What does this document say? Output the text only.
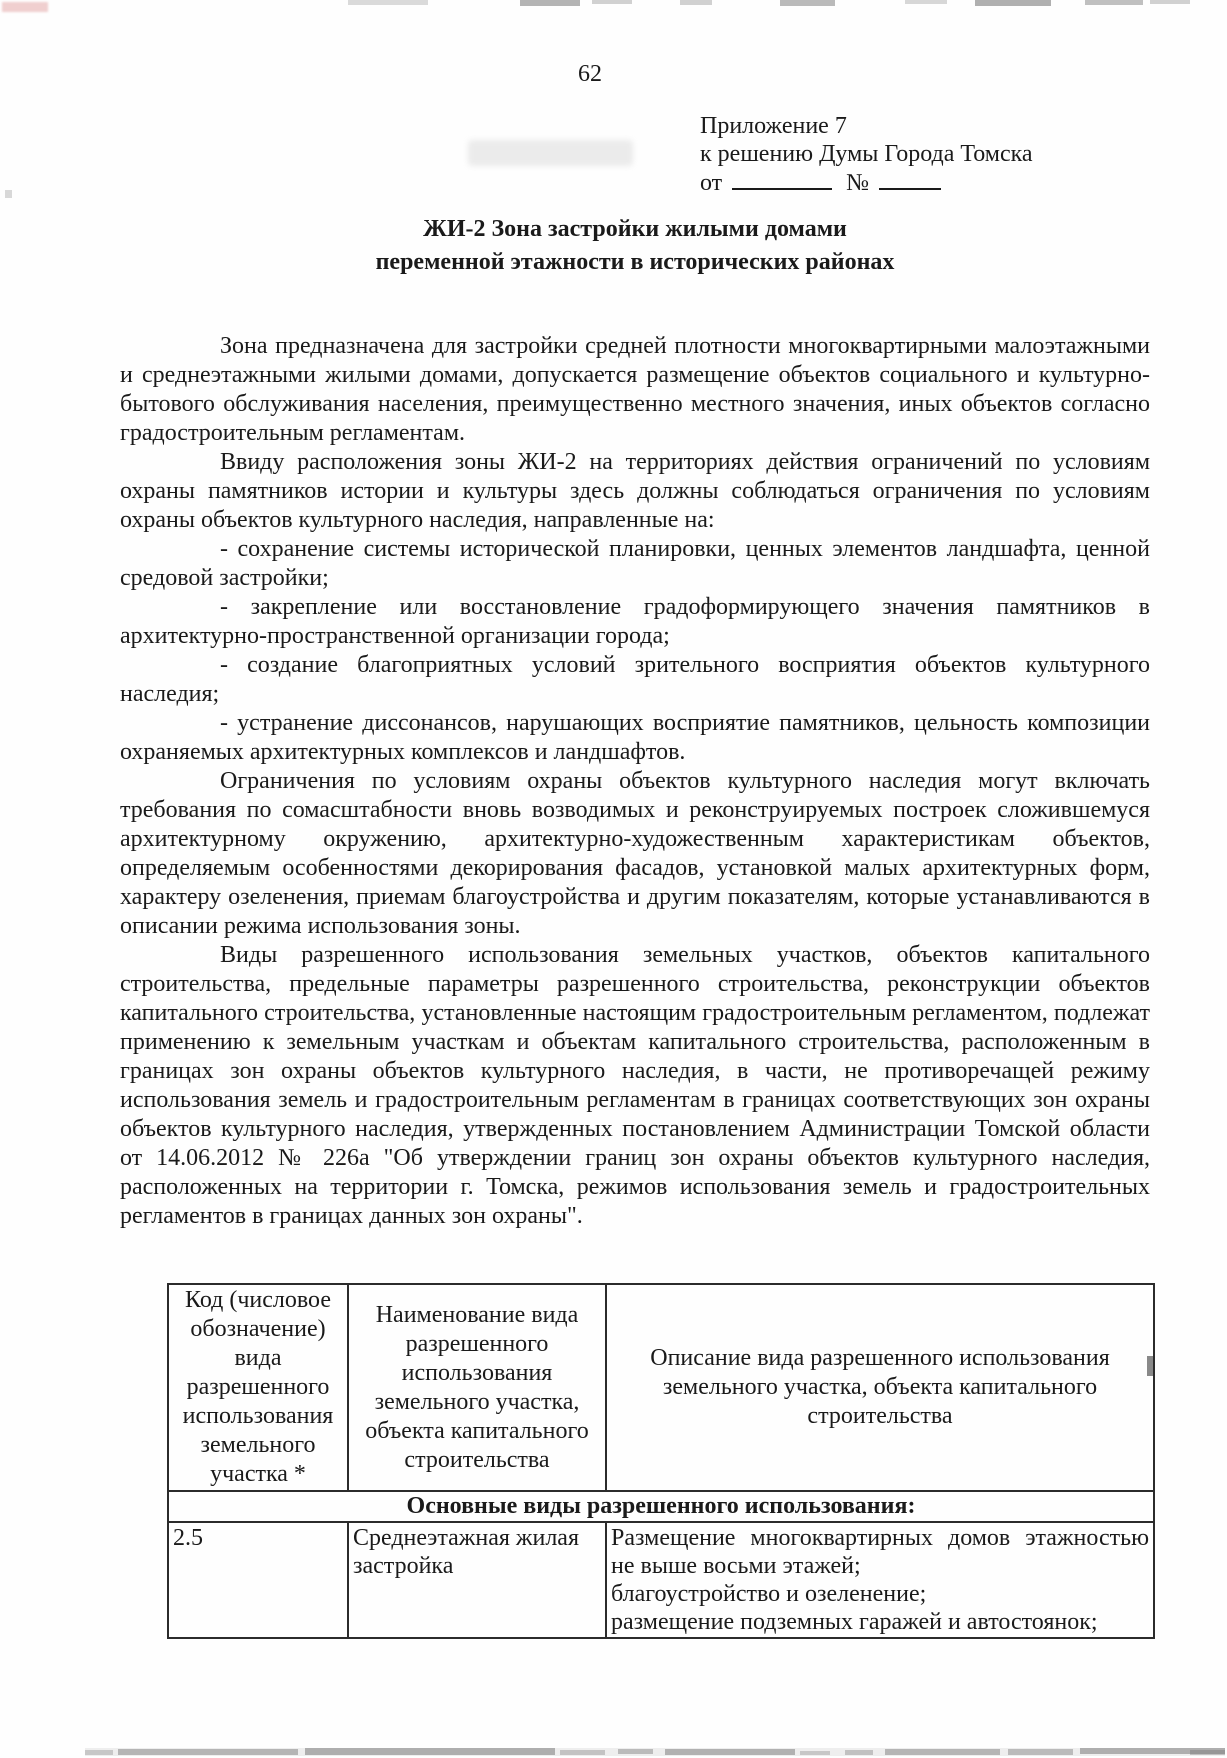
62
Приложение 7
к решению Думы Города Томска
от	№
ЖИ-2 Зона застройки жилыми домами
переменной этажности в исторических районах

Зона предназначена для застройки средней плотности многоквартирными малоэтажными и среднеэтажными жилыми домами, допускается размещение объектов социального и культурно-бытового обслуживания населения, преимущественно местного значения, иных объектов согласно градостроительным регламентам.

Ввиду расположения зоны ЖИ-2 на территориях действия ограничений по условиям охраны памятников истории и культуры здесь должны соблюдаться ограничения по условиям охраны объектов культурного наследия, направленные на:

- сохранение системы исторической планировки, ценных элементов ландшафта, ценной средовой застройки;

- закрепление или восстановление градоформирующего значения памятников в архитектурно-пространственной организации города;

- создание благоприятных условий зрительного восприятия объектов культурного наследия;

- устранение диссонансов, нарушающих восприятие памятников, цельность композиции охраняемых архитектурных комплексов и ландшафтов.

Ограничения по условиям охраны объектов культурного наследия могут включать требования по сомасштабности вновь возводимых и реконструируемых построек сложившемуся архитектурному окружению, архитектурно-художественным характеристикам объектов, определяемым особенностями декорирования фасадов, установкой малых архитектурных форм, характеру озеленения, приемам благоустройства и другим показателям, которые устанавливаются в описании режима использования зоны.

Виды разрешенного использования земельных участков, объектов капитального строительства, предельные параметры разрешенного строительства, реконструкции объектов капитального строительства, установленные настоящим градостроительным регламентом, подлежат применению к земельным участкам и объектам капитального строительства, расположенным в границах зон охраны объектов культурного наследия, в части, не противоречащей режиму использования земель и градостроительным регламентам в границах соответствующих зон охраны объектов культурного наследия, утвержденных постановлением Администрации Томской области от 14.06.2012 № 226а "Об утверждении границ зон охраны объектов культурного наследия, расположенных на территории г. Томска, режимов использования земель и градостроительных регламентов в границах данных зон охраны".

Код (числовое обозначение) вида разрешенного использования земельного участка *	Наименование вида разрешенного использования земельного участка, объекта капитального строительства	Описание вида разрешенного использования земельного участка, объекта капитального строительства
Основные виды разрешенного использования:		
2.5	Среднеэтажная жилая застройка	Размещение многоквартирных домов этажностью не выше восьми этажей;
благоустройство и озеленение;
размещение подземных гаражей и автостоянок;
